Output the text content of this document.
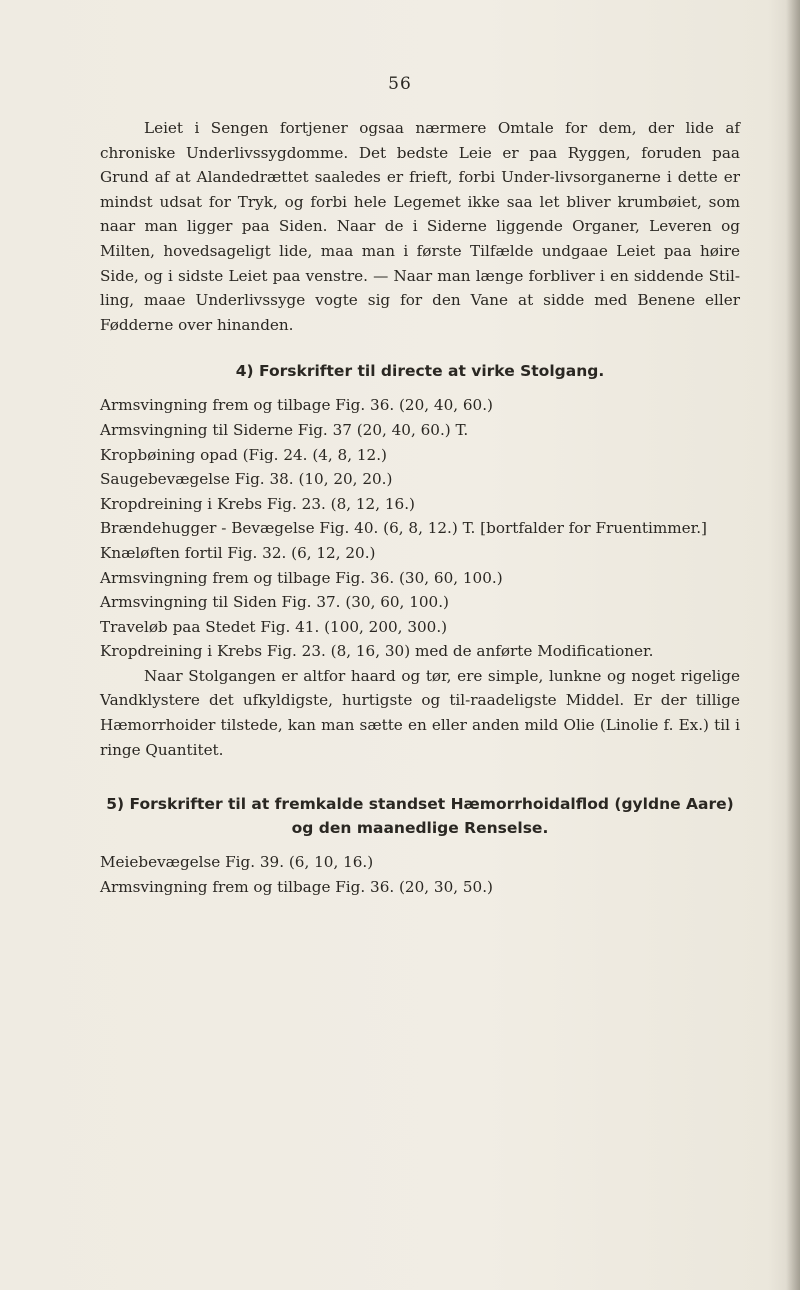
56

Leiet i Sengen fortjener ogsaa nærmere Omtale for dem, der lide af chroniske Underlivssygdomme. Det bedste Leie er paa Ryggen, foruden paa Grund af at Alandedrættet saaledes er frieft, forbi Under-livsorganerne i dette er mindst udsat for Tryk, og forbi hele Legemet ikke saa let bliver krumbøiet, som naar man ligger paa Siden. Naar de i Siderne liggende Organer, Leveren og Milten, hovedsageligt lide, maa man i første Tilfælde undgaae Leiet paa høire Side, og i sidste Leiet paa venstre. — Naar man længe forbliver i en siddende Stil-ling, maae Underlivssyge vogte sig for den Vane at sidde med Benene eller Fødderne over hinanden.

4) Forskrifter til directe at virke Stolgang.
Armsvingning frem og tilbage Fig. 36. (20, 40, 60.)
Armsvingning til Siderne Fig. 37 (20, 40, 60.) T.
Kropbøining opad (Fig. 24. (4, 8, 12.)
Saugebevægelse Fig. 38. (10, 20, 20.)
Kropdreining i Krebs Fig. 23. (8, 12, 16.)
Brændehugger - Bevægelse Fig. 40. (6, 8, 12.) T. [bortfalder for Fruentimmer.]
Knæløften fortil Fig. 32. (6, 12, 20.)
Armsvingning frem og tilbage Fig. 36. (30, 60, 100.)
Armsvingning til Siden Fig. 37. (30, 60, 100.)
Traveløb paa Stedet Fig. 41. (100, 200, 300.)
Kropdreining i Krebs Fig. 23. (8, 16, 30) med de anførte Modificationer.

Naar Stolgangen er altfor haard og tør, ere simple, lunkne og noget rigelige Vandklystere det ufkyldigste, hurtigste og til-raadeligste Middel. Er der tillige Hæmorrhoider tilstede, kan man sætte en eller anden mild Olie (Linolie f. Ex.) til i ringe Quantitet.

5) Forskrifter til at fremkalde standset Hæmorrhoidalflod (gyldne Aare) og den maanedlige Renselse.
Meiebevægelse Fig. 39. (6, 10, 16.)
Armsvingning frem og tilbage Fig. 36. (20, 30, 50.)
